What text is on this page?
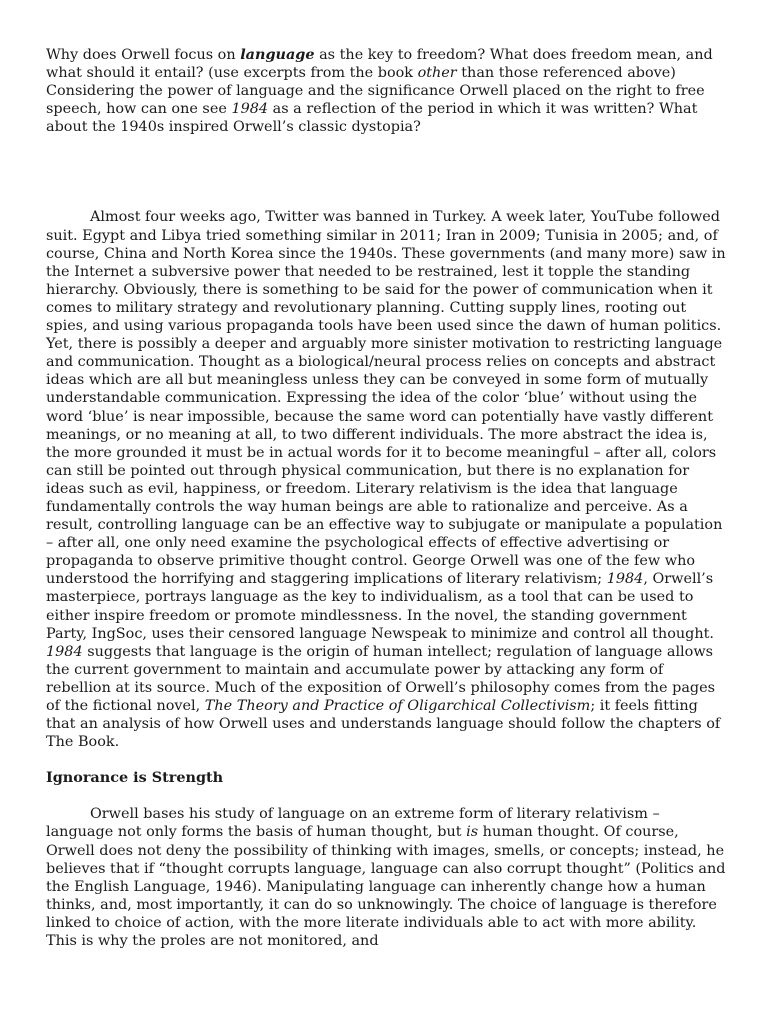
Why does Orwell focus on language as the key to freedom? What does freedom mean, and what should it entail? (use excerpts from the book other than those referenced above) Considering the power of language and the significance Orwell placed on the right to free speech, how can one see 1984 as a reflection of the period in which it was written? What about the 1940s inspired Orwell’s classic dystopia?

Almost four weeks ago, Twitter was banned in Turkey. A week later, YouTube followed suit. Egypt and Libya tried something similar in 2011; Iran in 2009; Tunisia in 2005; and, of course, China and North Korea since the 1940s. These governments (and many more) saw in the Internet a subversive power that needed to be restrained, lest it topple the standing hierarchy. Obviously, there is something to be said for the power of communication when it comes to military strategy and revolutionary planning. Cutting supply lines, rooting out spies, and using various propaganda tools have been used since the dawn of human politics. Yet, there is possibly a deeper and arguably more sinister motivation to restricting language and communication. Thought as a biological/neural process relies on concepts and abstract ideas which are all but meaningless unless they can be conveyed in some form of mutually understandable communication. Expressing the idea of the color ‘blue’ without using the word ‘blue’ is near impossible, because the same word can potentially have vastly different meanings, or no meaning at all, to two different individuals. The more abstract the idea is, the more grounded it must be in actual words for it to become meaningful – after all, colors can still be pointed out through physical communication, but there is no explanation for ideas such as evil, happiness, or freedom. Literary relativism is the idea that language fundamentally controls the way human beings are able to rationalize and perceive. As a result, controlling language can be an effective way to subjugate or manipulate a population – after all, one only need examine the psychological effects of effective advertising or propaganda to observe primitive thought control. George Orwell was one of the few who understood the horrifying and staggering implications of literary relativism; 1984, Orwell’s masterpiece, portrays language as the key to individualism, as a tool that can be used to either inspire freedom or promote mindlessness. In the novel, the standing government Party, IngSoc, uses their censored language Newspeak to minimize and control all thought. 1984 suggests that language is the origin of human intellect; regulation of language allows the current government to maintain and accumulate power by attacking any form of rebellion at its source. Much of the exposition of Orwell’s philosophy comes from the pages of the fictional novel, The Theory and Practice of Oligarchical Collectivism; it feels fitting that an analysis of how Orwell uses and understands language should follow the chapters of The Book.

Ignorance is Strength

Orwell bases his study of language on an extreme form of literary relativism – language not only forms the basis of human thought, but is human thought. Of course, Orwell does not deny the possibility of thinking with images, smells, or concepts; instead, he believes that if “thought corrupts language, language can also corrupt thought” (Politics and the English Language, 1946). Manipulating language can inherently change how a human thinks, and, most importantly, it can do so unknowingly. The choice of language is therefore linked to choice of action, with the more literate individuals able to act with more ability. This is why the proles are not monitored, and
